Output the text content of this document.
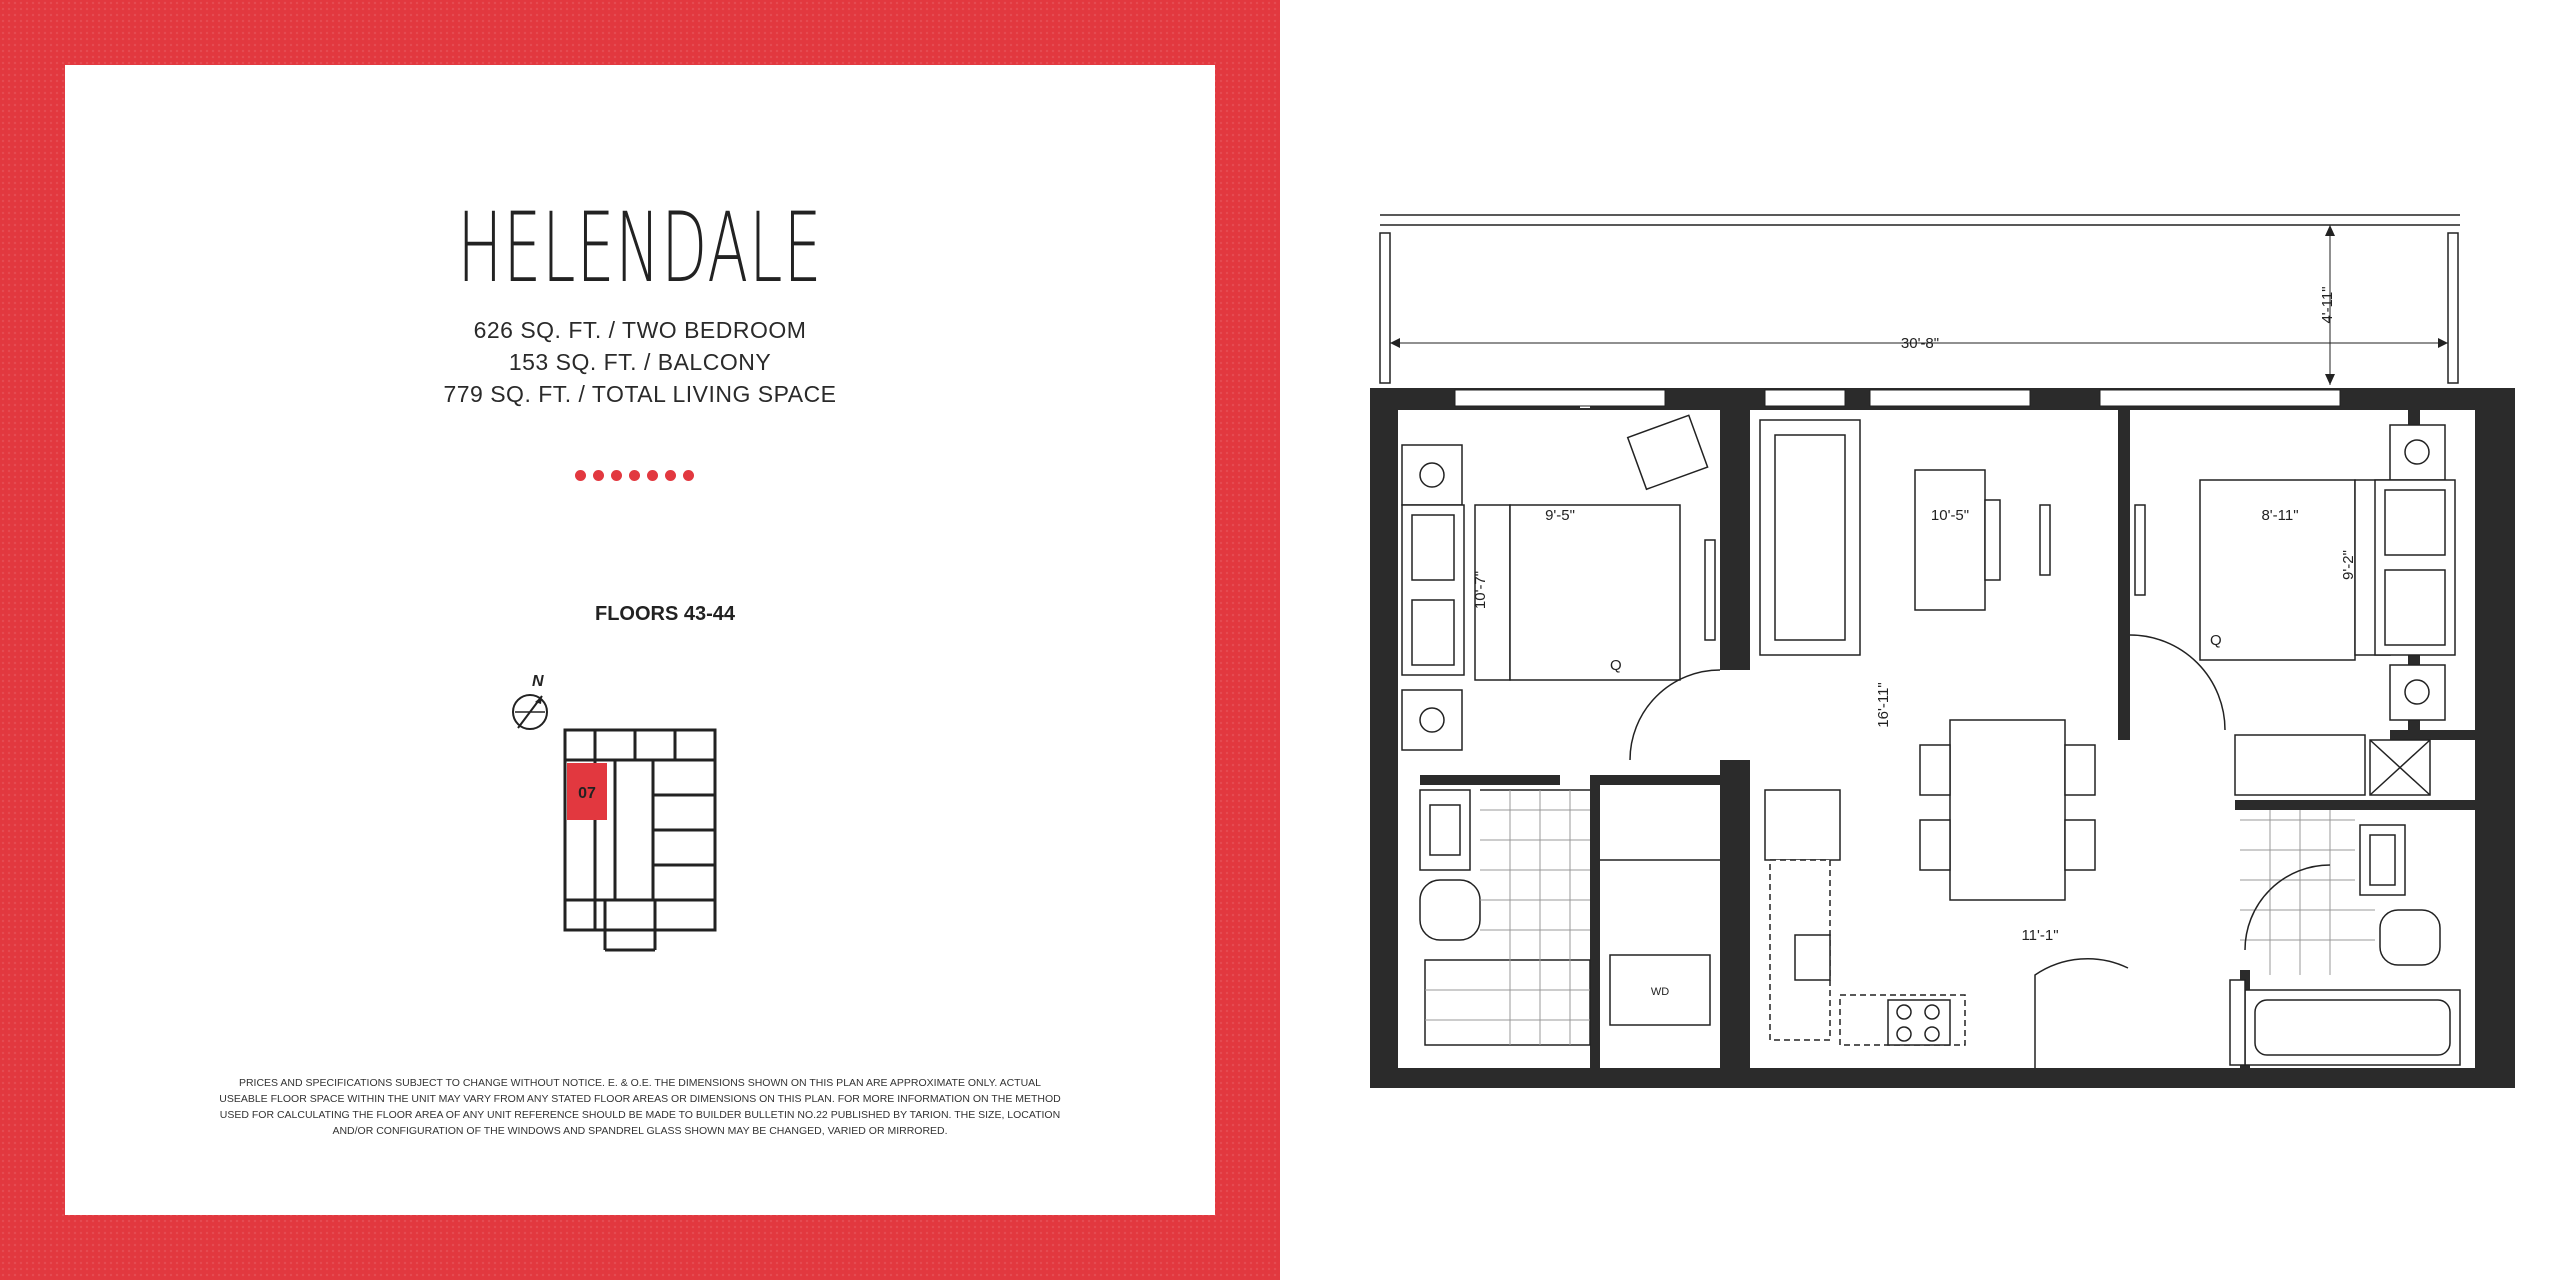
HELENDALE
626 SQ. FT. / TWO BEDROOM
153 SQ. FT. / BALCONY
779 SQ. FT. / TOTAL LIVING SPACE
FLOORS 43-44
N
07
PRICES AND SPECIFICATIONS SUBJECT TO CHANGE WITHOUT NOTICE. E. & O.E. THE DIMENSIONS SHOWN ON THIS PLAN ARE APPROXIMATE ONLY. ACTUAL USEABLE FLOOR SPACE WITHIN THE UNIT MAY VARY FROM ANY STATED FLOOR AREAS OR DIMENSIONS ON THIS PLAN. FOR MORE INFORMATION ON THE METHOD USED FOR CALCULATING THE FLOOR AREA OF ANY UNIT REFERENCE SHOULD BE MADE TO BUILDER BULLETIN NO.22 PUBLISHED BY TARION. THE SIZE, LOCATION AND/OR CONFIGURATION OF THE WINDOWS AND SPANDREL GLASS SHOWN MAY BE CHANGED, VARIED OR MIRRORED.
30'-8"
4'-11"
9'-5"
10'-7"
Q
WD
10'-5"
16'-11"
11'-1"
8'-11"
9'-2"
Q
